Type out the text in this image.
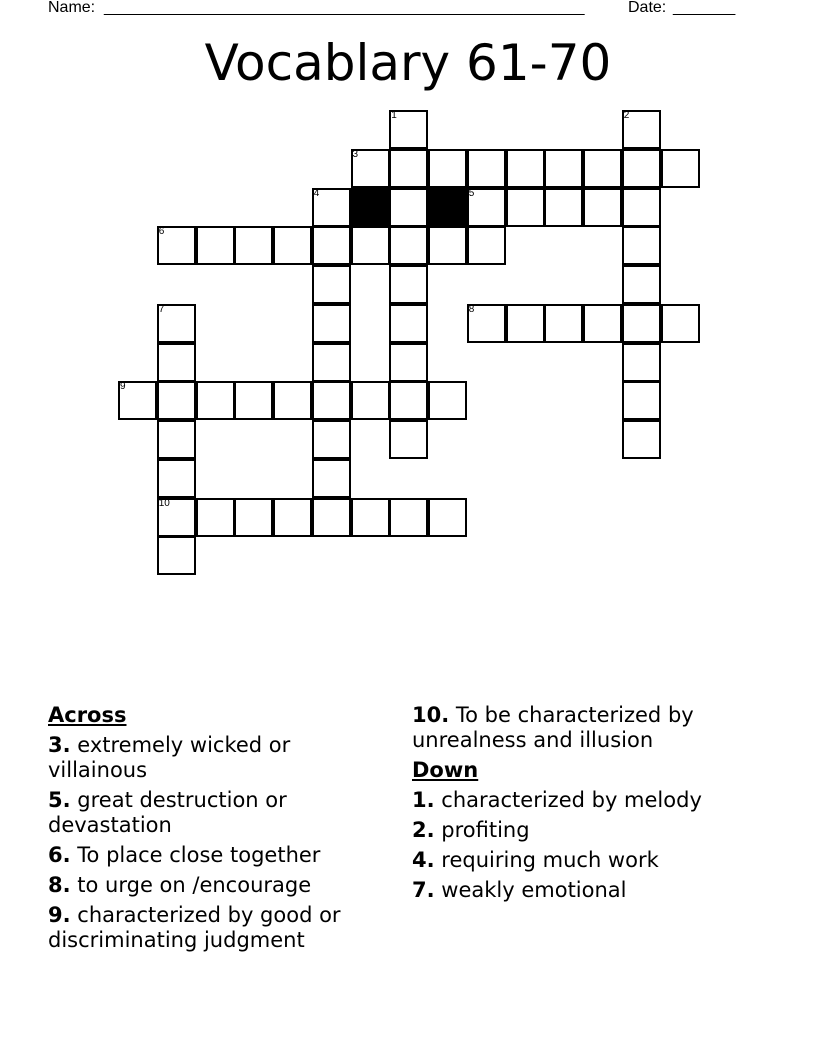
Name: ______________________________________________________	Date: _______
Vocablary 61-70
3
5
6
8
9
10
1	2
4
7
Across
3. extremely wicked or villainous
5. great destruction or devastation
6. To place close together
8. to urge on /encourage
9. characterized by good or discriminating judgment
10. To be characterized by unrealness and illusion
Down
1. characterized by melody
2. profiting
4. requiring much work
7. weakly emotional
